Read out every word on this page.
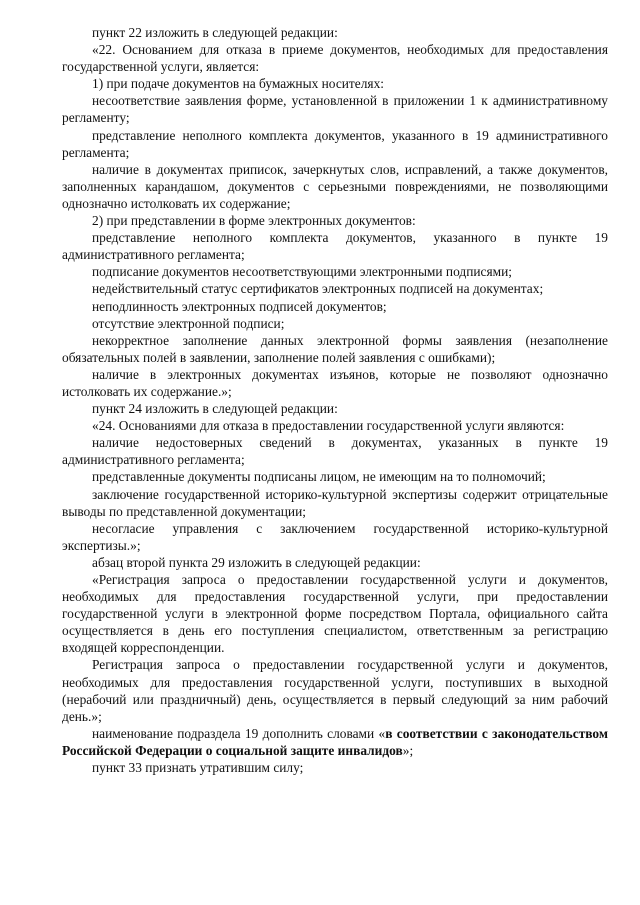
пункт 22 изложить в следующей редакции:

«22. Основанием для отказа в приеме документов, необходимых для предоставления государственной услуги, является:

1) при подаче документов на бумажных носителях:

несоответствие заявления форме, установленной в приложении 1 к административному регламенту;

представление неполного комплекта документов, указанного в 19 административного регламента;

наличие в документах приписок, зачеркнутых слов, исправлений, а также документов, заполненных карандашом, документов с серьезными повреждениями, не позволяющими однозначно истолковать их содержание;

2) при представлении в форме электронных документов:

представление неполного комплекта документов, указанного в пункте 19 административного регламента;

подписание документов несоответствующими электронными подписями;

недействительный статус сертификатов электронных подписей на документах;

неподлинность электронных подписей документов;

отсутствие электронной подписи;

некорректное заполнение данных электронной формы заявления (незаполнение обязательных полей в заявлении, заполнение полей заявления с ошибками);

наличие в электронных документах изъянов, которые не позволяют однозначно истолковать их содержание.»;

пункт 24 изложить в следующей редакции:

«24. Основаниями для отказа в предоставлении государственной услуги являются:

наличие недостоверных сведений в документах, указанных в пункте 19 административного регламента;

представленные документы подписаны лицом, не имеющим на то полномочий;

заключение государственной историко-культурной экспертизы содержит отрицательные выводы по представленной документации;

несогласие управления с заключением государственной историко-культурной экспертизы.»;

абзац второй пункта 29 изложить в следующей редакции:

«Регистрация запроса о предоставлении государственной услуги и документов, необходимых для предоставления государственной услуги, при предоставлении государственной услуги в электронной форме посредством Портала, официального сайта осуществляется в день его поступления специалистом, ответственным за регистрацию входящей корреспонденции.

Регистрация запроса о предоставлении государственной услуги и документов, необходимых для предоставления государственной услуги, поступивших в выходной (нерабочий или праздничный) день, осуществляется в первый следующий за ним рабочий день.»;

наименование подраздела 19 дополнить словами «в соответствии с законодательством Российской Федерации о социальной защите инвалидов»;

пункт 33 признать утратившим силу;
